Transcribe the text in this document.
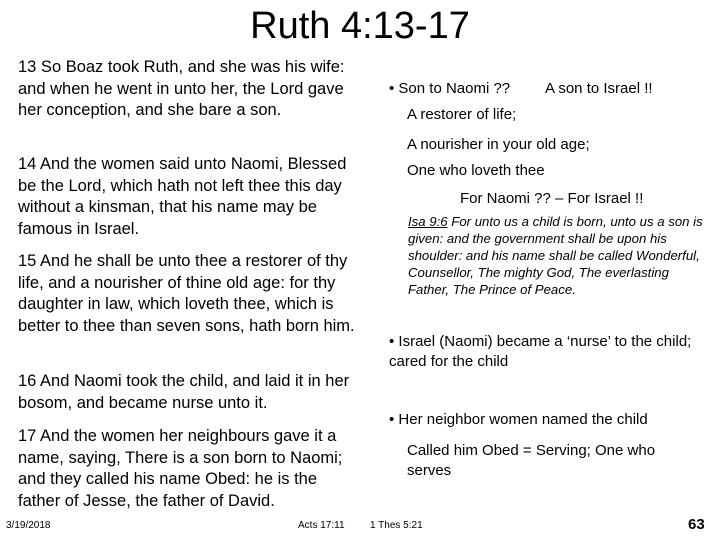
Ruth 4:13-17

13 So Boaz took Ruth, and she was his wife: and when he went in unto her, the Lord gave her conception, and she bare a son.

14 And the women said unto Naomi, Blessed be the Lord, which hath not left thee this day without a kinsman, that his name may be famous in Israel.

15 And he shall be unto thee a restorer of thy life, and a nourisher of thine old age: for thy daughter in law, which loveth thee, which is better to thee than seven sons, hath born him.

16 And Naomi took the child, and laid it in her bosom, and became nurse unto it.

17 And the women her neighbours gave it a name, saying, There is a son born to Naomi; and they called his name Obed: he is the father of Jesse, the father of David.

• Son to Naomi ?? A son to Israel !!

A restorer of life;

A nourisher in your old age;

One who loveth thee

For Naomi ?? – For Israel !!

Isa 9:6 For unto us a child is born, unto us a son is given: and the government shall be upon his shoulder: and his name shall be called Wonderful, Counsellor, The mighty God, The everlasting Father, The Prince of Peace.

• Israel (Naomi) became a ‘nurse’ to the child; cared for the child

• Her neighbor women named the child

Called him Obed = Serving; One who serves

3/19/2018	Acts 17:11	1 Thes 5:21	63
